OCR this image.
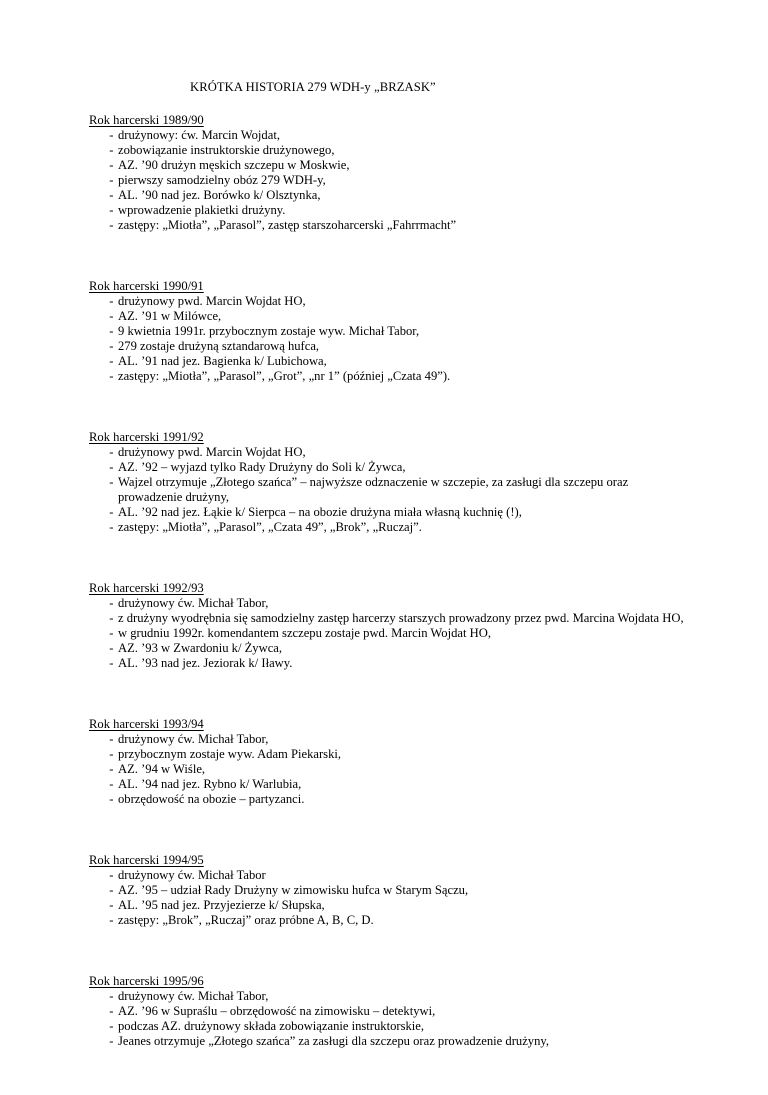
KRÓTKA HISTORIA 279 WDH-y „BRZASK”
Rok harcerski 1989/90
- drużynowy: ćw. Marcin Wojdat,
- zobowiązanie instruktorskie drużynowego,
- AZ. ’90 drużyn męskich szczepu w Moskwie,
- pierwszy samodzielny obóz 279 WDH-y,
- AL. ’90 nad jez. Borówko k/ Olsztynka,
- wprowadzenie plakietki drużyny.
- zastępy: „Miotła”, „Parasol”, zastęp starszoharcerski „Fahrrmacht”
Rok harcerski 1990/91
- drużynowy pwd. Marcin Wojdat HO,
- AZ. ’91 w Milówce,
- 9 kwietnia 1991r. przybocznym zostaje wyw. Michał Tabor,
- 279 zostaje drużyną sztandarową hufca,
- AL. ’91 nad jez. Bagienka k/ Lubichowa,
- zastępy: „Miotła”, „Parasol”, „Grot”, „nr 1” (później „Czata 49”).
Rok harcerski 1991/92
- drużynowy pwd. Marcin Wojdat HO,
- AZ. ’92 – wyjazd tylko Rady Drużyny do Soli k/ Żywca,
- Wajzel otrzymuje „Złotego szańca” – najwyższe odznaczenie w szczepie, za zasługi dla szczepu oraz prowadzenie drużyny,
- AL. ’92 nad jez. Łąkie k/ Sierpca – na obozie drużyna miała własną kuchnię (!),
- zastępy: „Miotła”, „Parasol”, „Czata 49”, „Brok”, „Ruczaj”.
Rok harcerski 1992/93
- drużynowy ćw. Michał Tabor,
- z drużyny wyodrębnia się samodzielny zastęp harcerzy starszych prowadzony przez pwd. Marcina Wojdata HO,
- w grudniu 1992r. komendantem szczepu zostaje pwd. Marcin Wojdat HO,
- AZ. ’93 w Zwardoniu k/ Żywca,
- AL. ’93 nad jez. Jeziorak k/ Iławy.
Rok harcerski 1993/94
- drużynowy ćw. Michał Tabor,
- przybocznym zostaje wyw. Adam Piekarski,
- AZ. ’94 w Wiśle,
- AL. ’94 nad jez. Rybno k/ Warlubia,
- obrzędowość na obozie – partyzanci.
Rok harcerski 1994/95
- drużynowy ćw. Michał Tabor
- AZ. ’95 – udział Rady Drużyny w zimowisku hufca w Starym Sączu,
- AL. ’95 nad jez. Przyjezierze k/ Słupska,
- zastępy: „Brok”, „Ruczaj” oraz próbne A, B, C, D.
Rok harcerski 1995/96
- drużynowy ćw. Michał Tabor,
- AZ. ’96 w Supraślu – obrzędowość na zimowisku – detektywi,
- podczas AZ. drużynowy składa zobowiązanie instruktorskie,
- Jeanes otrzymuje „Złotego szańca” za zasługi dla szczepu oraz prowadzenie drużyny,
